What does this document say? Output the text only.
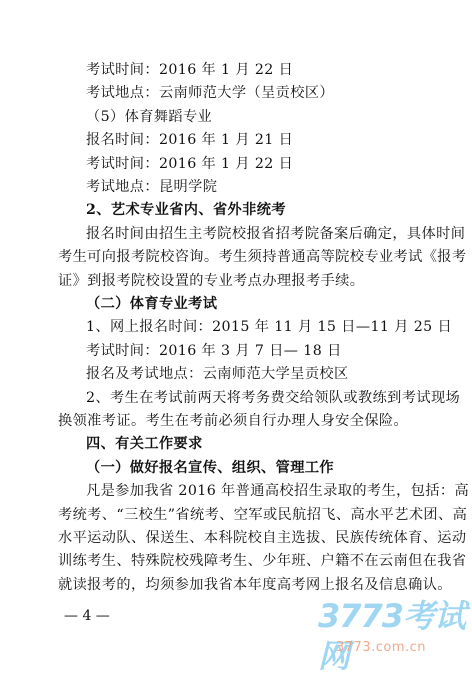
考试时间：2016 年 1 月 22 日
考试地点：云南师范大学（呈贡校区）
（5）体育舞蹈专业
报名时间：2016 年 1 月 21 日
考试时间：2016 年 1 月 22 日
考试地点：昆明学院
2、艺术专业省内、省外非统考
报名时间由招生主考院校报省招考院备案后确定，具体时间
考生可向报考院校咨询。考生须持普通高等院校专业考试《报考
证》到报考院校设置的专业考点办理报考手续。
（二）体育专业考试
1、网上报名时间：2015 年 11 月 15 日—11 月 25 日
考试时间：2016 年 3 月 7 日— 18 日
报名及考试地点：云南师范大学呈贡校区
2、考生在考试前两天将考务费交给领队或教练到考试现场
换领准考证。考生在考前必须自行办理人身安全保险。
四、有关工作要求
（一）做好报名宣传、组织、管理工作
凡是参加我省 2016 年普通高校招生录取的考生，包括：高
考统考、“三校生”省统考、空军或民航招飞、高水平艺术团、高
水平运动队、保送生、本科院校自主选拔、民族传统体育、运动
训练考生、特殊院校残障考生、少年班、户籍不在云南但在我省
就读报考的，均须参加我省本年度高考网上报名及信息确认。
— 4 —	3773考试网
3773.com.cn
